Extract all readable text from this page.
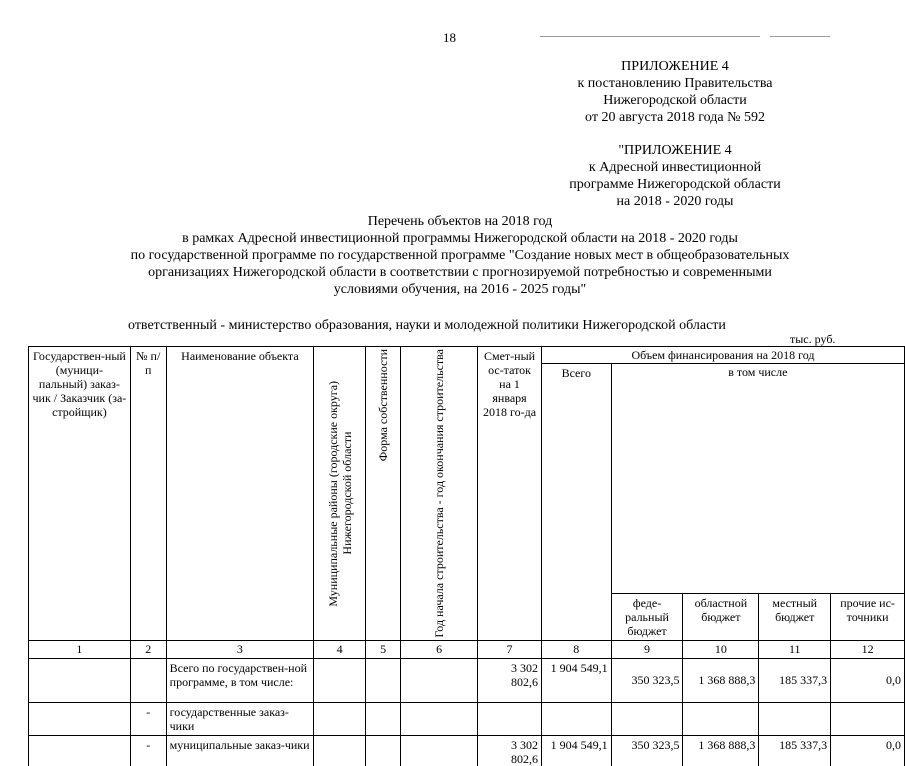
18
ПРИЛОЖЕНИЕ 4
к постановлению Правительства
Нижегородской области
от 20 августа 2018 года № 592
"ПРИЛОЖЕНИЕ 4
к Адресной инвестиционной
программе Нижегородской области
на 2018 - 2020 годы
Перечень объектов на 2018 год
в рамках Адресной инвестиционной программы Нижегородской области на 2018 - 2020 годы
по государственной программе по государственной программе "Создание новых мест в общеобразовательных
организациях Нижегородской области в соответствии с прогнозируемой потребностью и современными
условиями обучения, на 2016 - 2025 годы"
ответственный - министерство образования, науки и молодежной политики Нижегородской области
тыс. руб.
Государствен-ный (муници-пальный) заказ-чик / Заказчик (за-стройщик)	№ п/п	Наименование объекта	Муниципальные районы (городские округа) Нижегородской области	Форма собственности	Год начала строительства - год окончания строительства	Смет-ный ос-таток на 1 января 2018 го-да	Объем финансирования на 2018 год				
							Всего	в том числе			
								феде-ральный бюджет	областной бюджет	местный бюджет	прочие ис-точники
1	2	3	4	5	6	7	8	9	10	11	12
		Всего по государствен-ной программе, в том числе:				3 302 802,6	1 904 549,1	350 323,5	1 368 888,3	185 337,3	0,0
	-	государственные заказ-чики									
	-	муниципальные заказ-чики				3 302 802,6	1 904 549,1	350 323,5	1 368 888,3	185 337,3	0,0
